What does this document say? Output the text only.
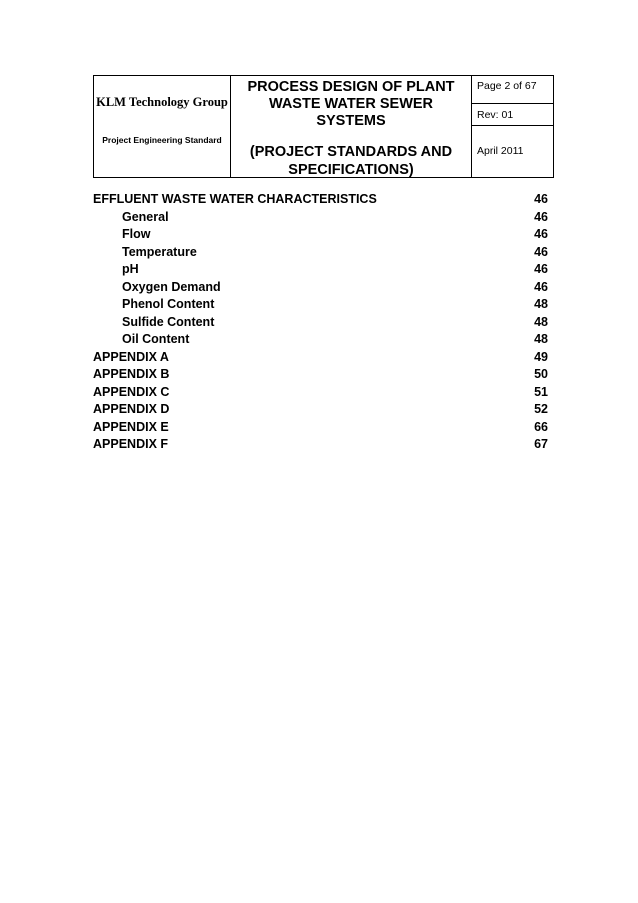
KLM Technology Group
Project Engineering Standard
PROCESS DESIGN OF PLANT
WASTE WATER SEWER
SYSTEMS
(PROJECT STANDARDS AND
SPECIFICATIONS)
Page 2 of 67
Rev: 01
April 2011
EFFLUENT WASTE WATER CHARACTERISTICS	46
General	46
Flow	46
Temperature	46
pH	46
Oxygen Demand	46
Phenol Content	48
Sulfide Content	48
Oil Content	48
APPENDIX A	49
APPENDIX B	50
APPENDIX C	51
APPENDIX D	52
APPENDIX E	66
APPENDIX F	67
